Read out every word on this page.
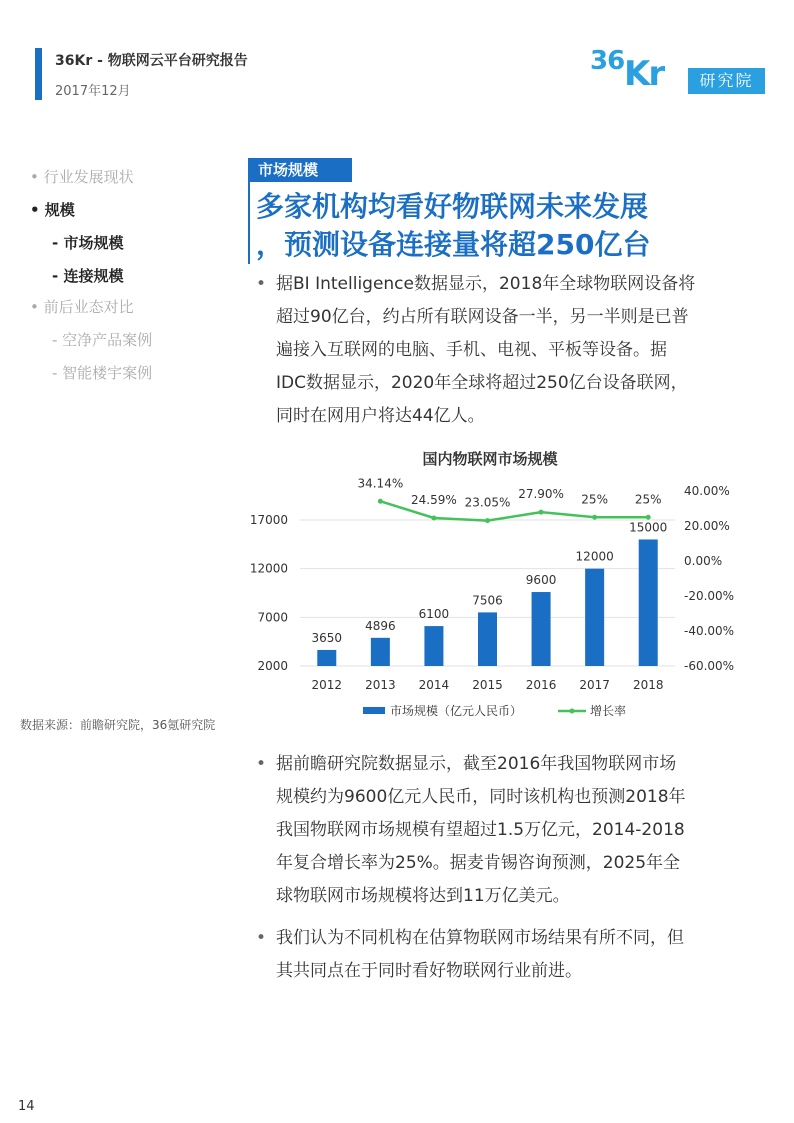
36Kr - 物联网云平台研究报告
2017年12月
36 Kr	研究院
• 行业发展现状
• 规模
- 市场规模
- 连接规模
• 前后业态对比
- 空净产品案例
- 智能楼宇案例
市场规模
多家机构均看好物联网未来发展
，预测设备连接量将超250亿台
• 据BI Intelligence数据显示，2018年全球物联网设备将
超过90亿台，约占所有联网设备一半，另一半则是已普
遍接入互联网的电脑、手机、电视、平板等设备。据
IDC数据显示，2020年全球将超过250亿台设备联网，
同时在网用户将达44亿人。
国内物联网市场规模
2000
7000
12000
17000
40.00%
20.00%
0.00%
-20.00%
-40.00%
-60.00%
3650
4896
6100
7506
9600
12000
15000
2012 2013 2014 2015 2016 2017 2018
34.14%
24.59% 23.05%
27.90% 25% 25%
市场规模（亿元人民币）	增长率
数据来源：前瞻研究院，36氪研究院
• 据前瞻研究院数据显示，截至2016年我国物联网市场
规模约为9600亿元人民币，同时该机构也预测2018年
我国物联网市场规模有望超过1.5万亿元，2014-2018
年复合增长率为25%。据麦肯锡咨询预测，2025年全
球物联网市场规模将达到11万亿美元。
• 我们认为不同机构在估算物联网市场结果有所不同，但
其共同点在于同时看好物联网行业前进。
14
